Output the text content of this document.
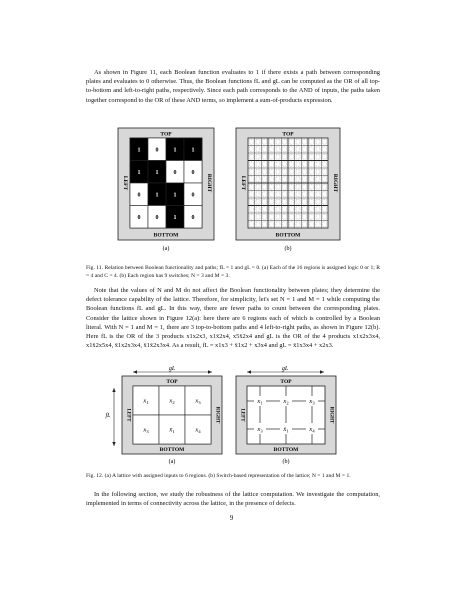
As shown in Figure 11, each Boolean function evaluates to 1 if there exists a path between corresponding plates and evaluates to 0 otherwise. Thus, the Boolean functions fL and gL can be computed as the OR of all top-to-bottom and left-to-right paths, respectively. Since each path corresponds to the AND of inputs, the paths taken together correspond to the OR of these AND terms, so implement a sum-of-products expression.

TOP
BOTTOM
LEFT	RIGHT
1	0	1	1
1	1	0	0
0	1	1	0
0	0	1	0
(a)
TOP
BOTTOM
LEFT	RIGHT
(b)

Fig. 11. Relation between Boolean functionality and paths; fL = 1 and gL = 0. (a) Each of the 16 regions is assigned logic 0 or 1; R = 4 and C = 4. (b) Each region has 9 switches; N = 3 and M = 3.

Note that the values of N and M do not affect the Boolean functionality between plates; they determine the defect tolerance capability of the lattice. Therefore, for simplicity, let's set N = 1 and M = 1 while computing the Boolean functions fL and gL. In this way, there are fewer paths to count between the corresponding plates. Consider the lattice shown in Figure 12(a): here there are 6 regions each of which is controlled by a Boolean literal. With N = 1 and M = 1, there are 3 top-to-bottom paths and 4 left-to-right paths, as shown in Figure 12(b). Here fL is the OR of the 3 products x1x2x3, x1x̄2x4, x5x̄2x4 and gL is the OR of the 4 products x1x2x3x4, x1x̄2x5x4, x̄1x2x3x4, x̄1x̄2x3x4. As a result, fL = x1x3 + x̄1x2 + x3x4 and gL = x̄1x3x4 + x2x3.

gL
fL
TOP
BOTTOM
LEFT	RIGHT
$x_1$	$x_2$	$x_3$
$x_3$	$x̄_1$	$x_4$
(a)
gL
TOP
BOTTOM
LEFT	RIGHT
$x_1$	$x_2$	$x_3$
$x_3$	$x̄_1$	$x_4$
(b)

Fig. 12. (a) A lattice with assigned inputs to 6 regions. (b) Switch-based representation of the lattice; N = 1 and M = 1.

In the following section, we study the robustness of the lattice computation. We investigate the computation, implemented in terms of connectivity across the lattice, in the presence of defects.

9
